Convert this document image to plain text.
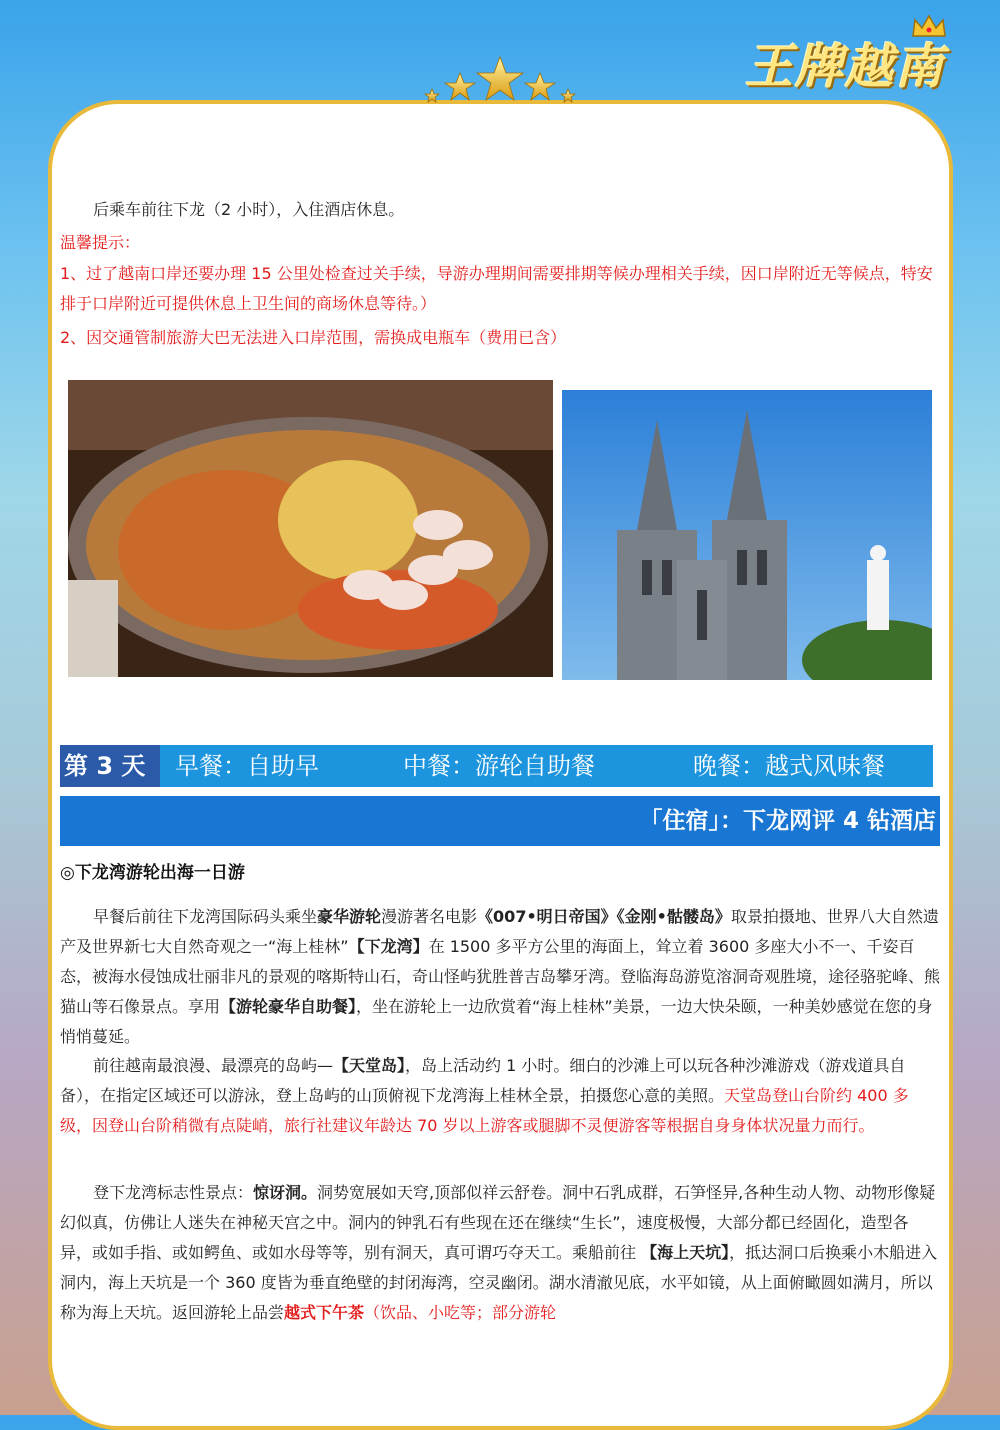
王牌越南

后乘车前往下龙（2 小时），入住酒店休息。

温馨提示：

1、过了越南口岸还要办理 15 公里处检查过关手续，导游办理期间需要排期等候办理相关手续，因口岸附近无等候点，特安排于口岸附近可提供休息上卫生间的商场休息等待。）

2、因交通管制旅游大巴无法进入口岸范围，需换成电瓶车（费用已含）

第 3 天	早餐：自助早	中餐：游轮自助餐	晚餐：越式风味餐
「住宿」：下龙网评 4 钻酒店
◎下龙湾游轮出海一日游

早餐后前往下龙湾国际码头乘坐豪华游轮漫游著名电影《007•明日帝国》《金刚•骷髅岛》取景拍摄地、世界八大自然遗产及世界新七大自然奇观之一“海上桂林”【下龙湾】在 1500 多平方公里的海面上，耸立着 3600 多座大小不一、千姿百态，被海水侵蚀成壮丽非凡的景观的喀斯特山石，奇山怪屿犹胜普吉岛攀牙湾。登临海岛游览溶洞奇观胜境，途径骆驼峰、熊猫山等石像景点。享用【游轮豪华自助餐】，坐在游轮上一边欣赏着“海上桂林”美景，一边大快朵颐，一种美妙感觉在您的身悄悄蔓延。

前往越南最浪漫、最漂亮的岛屿—【天堂岛】，岛上活动约 1 小时。细白的沙滩上可以玩各种沙滩游戏（游戏道具自备），在指定区域还可以游泳，登上岛屿的山顶俯视下龙湾海上桂林全景，拍摄您心意的美照。天堂岛登山台阶约 400 多级，因登山台阶稍微有点陡峭，旅行社建议年龄达 70 岁以上游客或腿脚不灵便游客等根据自身身体状况量力而行。

登下龙湾标志性景点：惊讶洞。洞势宽展如天穹,顶部似祥云舒卷。洞中石乳成群，石笋怪异,各种生动人物、动物形像疑幻似真，仿佛让人迷失在神秘天宫之中。洞内的钟乳石有些现在还在继续“生长”，速度极慢，大部分都已经固化，造型各异，或如手指、或如鳄鱼、或如水母等等，别有洞天，真可谓巧夺天工。乘船前往 【海上天坑】，抵达洞口后换乘小木船进入洞内，海上天坑是一个 360 度皆为垂直绝壁的封闭海湾，空灵幽闭。湖水清澈见底，水平如镜，从上面俯瞰圆如满月，所以称为海上天坑。返回游轮上品尝越式下午茶（饮品、小吃等；部分游轮
